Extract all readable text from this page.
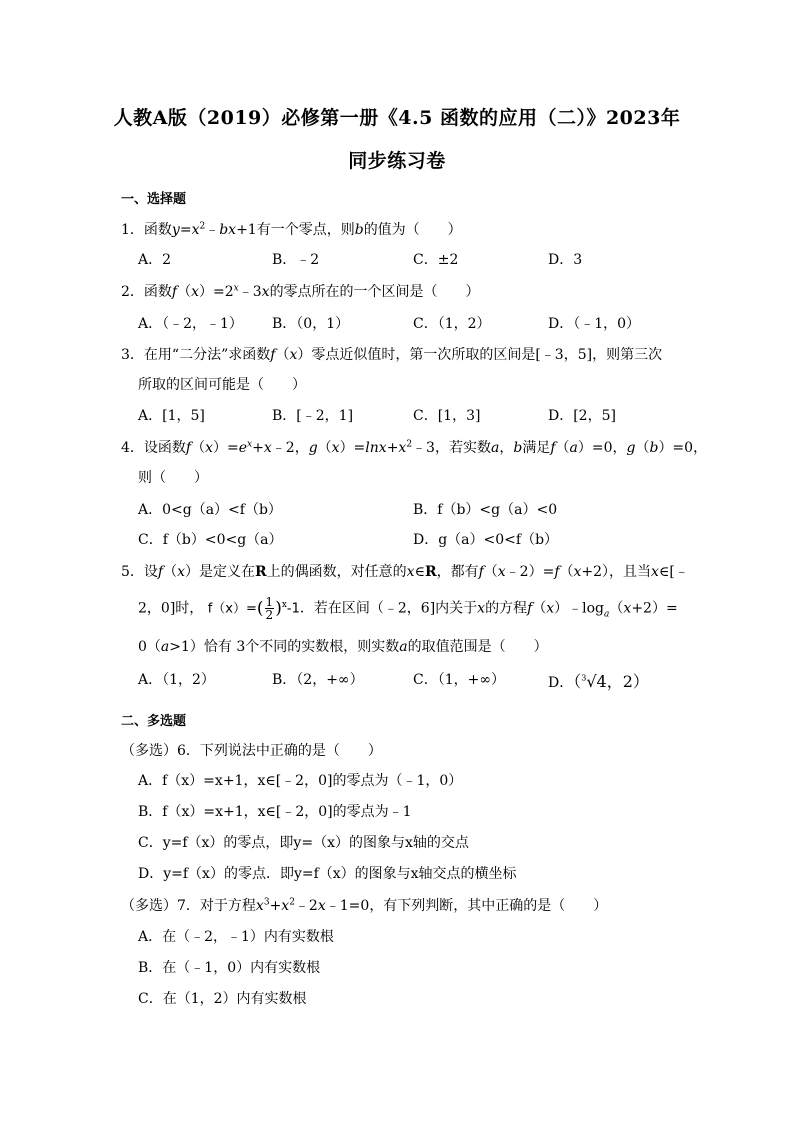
人教A版（2019）必修第一册《4.5 函数的应用（二）》2023年
同步练习卷
一、选择题
1．函数$y=x^2﹣bx+1$有一个零点，则b的值为（　　）
A．2	B．﹣2	C．±2	D．3
2．函数$f(x)=2^x﹣3x$的零点所在的一个区间是（　　）
A．（﹣2，﹣1） B．（0，1）	C．（1，2）	D．（﹣1，0）
3．在用“二分法”求函数f（x）零点近似值时，第一次所取的区间是[﹣3，5]，则第三次
所取的区间可能是（　　）
A．[1，5]	B．[﹣2，1]	C．[1，3]	D．[2，5]
4．设函数$f(x)=e^x+x﹣2$，$g(x)=\ln x+x^2﹣3$，若实数a，b满足f（a）=0，g（b）=0，
则（　　）
A．0<g（a）<f（b）	B．f（b）<g（a）<0
C．f（b）<0<g（a）	D．g（a）<0<f（b）
5．设f（x）是定义在R上的偶函数，对任意的x∈R，都有f（x﹣2）=f（x+2），且当x∈[﹣
2，0]时， $f(x)=( \frac{1}{2} )^x-1$．若在区间（﹣2，6]内关于x的方程$f(x)﹣\log_a(x+2)=$
0（a>1）恰有 3个不同的实数根，则实数a的取值范围是（　　）
A．（1，2）	B．（2，+∞）	C．（1，+∞）	D．（$^3$√4，2）
二、多选题
（多选）6．下列说法中正确的是（　　）
A．f（x）=x+1，x∈[﹣2，0]的零点为（﹣1，0）
B．f（x）=x+1，x∈[﹣2，0]的零点为﹣1
C．y=f（x）的零点，即y=（x）的图象与x轴的交点
D．y=f（x）的零点．即y=f（x）的图象与x轴交点的横坐标
（多选）7．对于方程$x^3+x^2﹣2x﹣1=0$，有下列判断，其中正确的是（　　）
A．在（﹣2，﹣1）内有实数根
B．在（﹣1，0）内有实数根
C．在（1，2）内有实数根
